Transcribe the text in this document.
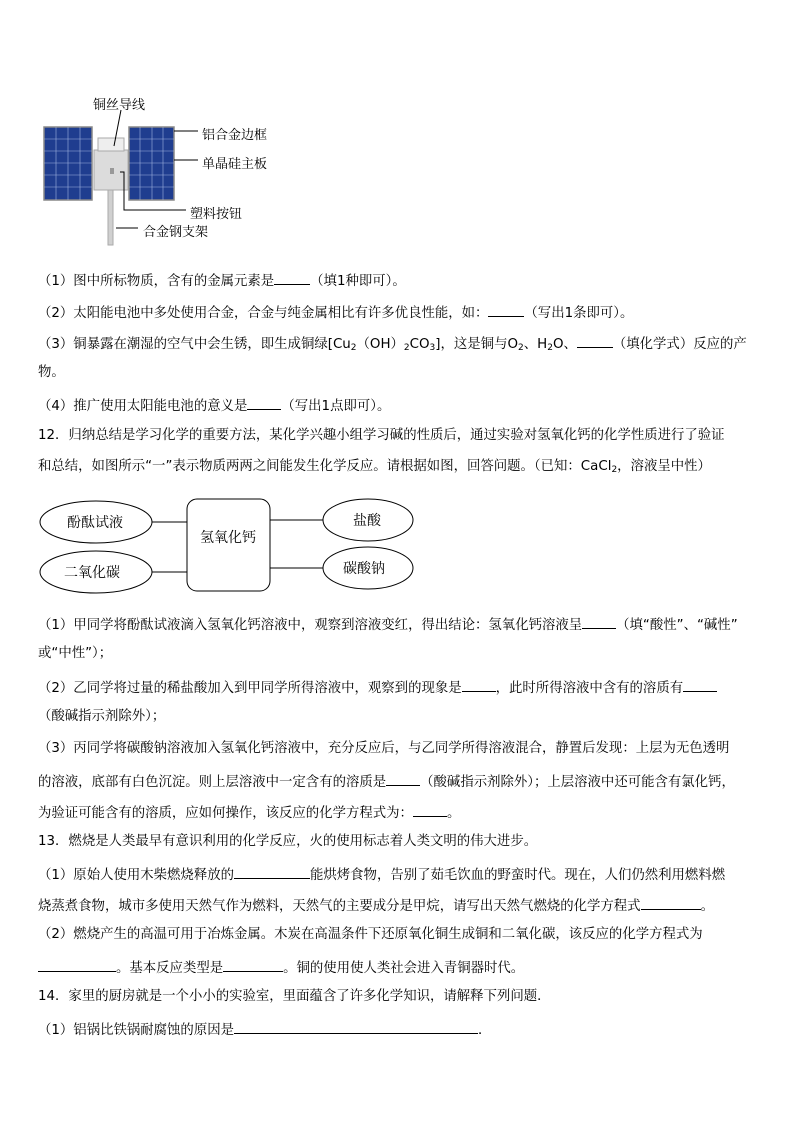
铜丝导线
铝合金边框
单晶硅主板
塑料按钮
合金钢支架
（1）图中所标物质，含有的金属元素是	（填1种即可）。
（2）太阳能电池中多处使用合金，合金与纯金属相比有许多优良性能，如：	（写出1条即可）。
（3）铜暴露在潮湿的空气中会生锈，即生成铜绿$[Cu_2(OH)_2CO_3]$，这是铜与$O_2$、$H_2O$、	（填化学式）反应的产
物。
（4）推广使用太阳能电池的意义是	（写出1点即可）。
12．归纳总结是学习化学的重要方法，某化学兴趣小组学习碱的性质后，通过实验对氢氧化钙的化学性质进行了验证
和总结，如图所示“一”表示物质两两之间能发生化学反应。请根据如图，回答问题。（已知：CaCl$_2$，溶液呈中性）
酚酞试液
二氧化碳
氢氧化钙
盐酸
碳酸钠
（1）甲同学将酚酞试液滴入氢氧化钙溶液中，观察到溶液变红，得出结论：氢氧化钙溶液呈	（填“酸性”、“碱性”
或“中性”）；
（2）乙同学将过量的稀盐酸加入到甲同学所得溶液中，观察到的现象是	，此时所得溶液中含有的溶质有
（酸碱指示剂除外）；
（3）丙同学将碳酸钠溶液加入氢氧化钙溶液中，充分反应后，与乙同学所得溶液混合，静置后发现：上层为无色透明
的溶液，底部有白色沉淀。则上层溶液中一定含有的溶质是	（酸碱指示剂除外）；上层溶液中还可能含有氯化钙，
为验证可能含有的溶质，应如何操作，该反应的化学方程式为：	。
13．燃烧是人类最早有意识利用的化学反应，火的使用标志着人类文明的伟大进步。
（1）原始人使用木柴燃烧释放的	能烘烤食物，告别了茹毛饮血的野蛮时代。现在，人们仍然利用燃料燃
烧蒸煮食物，城市多使用天然气作为燃料，天然气的主要成分是甲烷，请写出天然气燃烧的化学方程式	。
（2）燃烧产生的高温可用于冶炼金属。木炭在高温条件下还原氧化铜生成铜和二氧化碳，该反应的化学方程式为
。基本反应类型是	。铜的使用使人类社会进入青铜器时代。
14．家里的厨房就是一个小小的实验室，里面蕴含了许多化学知识，请解释下列问题．
（1）铝锅比铁锅耐腐蚀的原因是	．
